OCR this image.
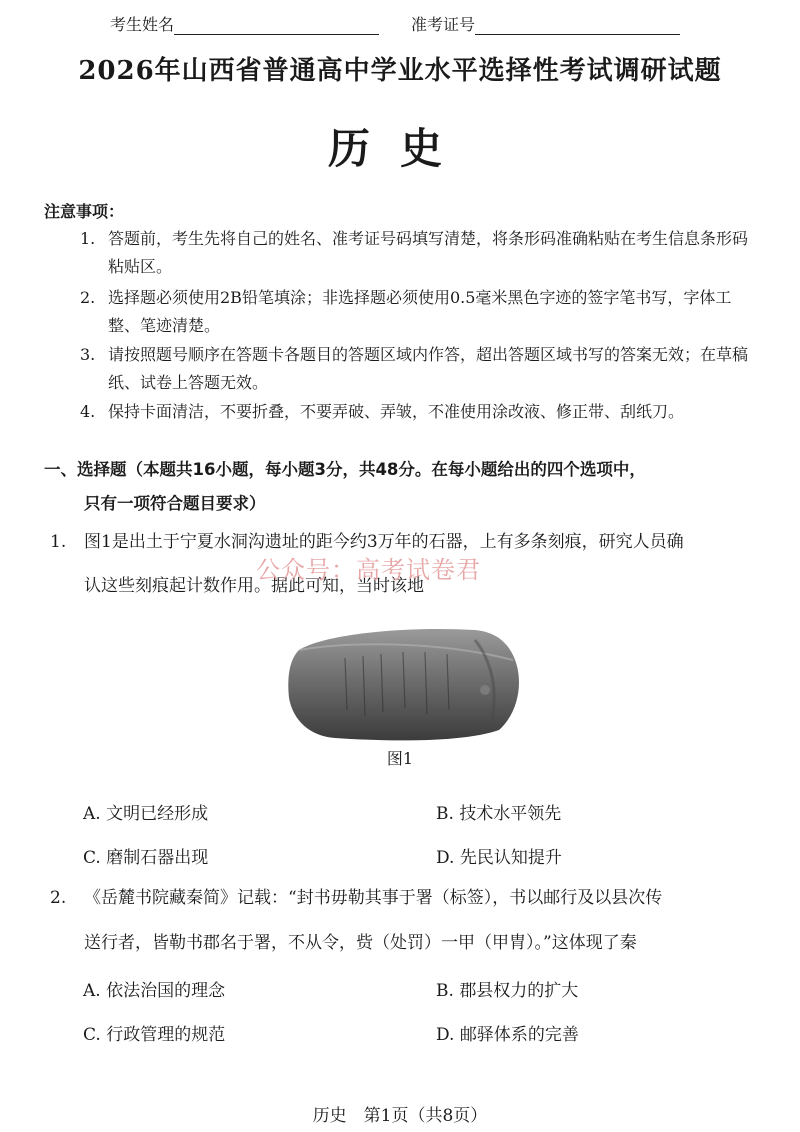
考生姓名	准考证号
2026年山西省普通高中学业水平选择性考试调研试题
历史
注意事项：
1. 答题前，考生先将自己的姓名、准考证号码填写清楚，将条形码准确粘贴在考生信息条形码粘贴区。
2. 选择题必须使用2B铅笔填涂；非选择题必须使用0.5毫米黑色字迹的签字笔书写，字体工整、笔迹清楚。
3. 请按照题号顺序在答题卡各题目的答题区域内作答，超出答题区域书写的答案无效；在草稿纸、试卷上答题无效。
4. 保持卡面清洁，不要折叠，不要弄破、弄皱，不准使用涂改液、修正带、刮纸刀。
一、选择题（本题共16小题，每小题3分，共48分。在每小题给出的四个选项中，
只有一项符合题目要求）
1. 图1是出土于宁夏水洞沟遗址的距今约3万年的石器，上有多条刻痕，研究人员确
认这些刻痕起计数作用。据此可知，当时该地
公众号：高考试卷君
图1
A. 文明已经形成	B. 技术水平领先
C. 磨制石器出现	D. 先民认知提升
2. 《岳麓书院藏秦简》记载：“封书毋勒其事于署（标签），书以邮行及以县次传
送行者，皆勒书郡名于署，不从令，赀（处罚）一甲（甲胄）。”这体现了秦
A. 依法治国的理念	B. 郡县权力的扩大
C. 行政管理的规范	D. 邮驿体系的完善
历史　第1页（共8页）
